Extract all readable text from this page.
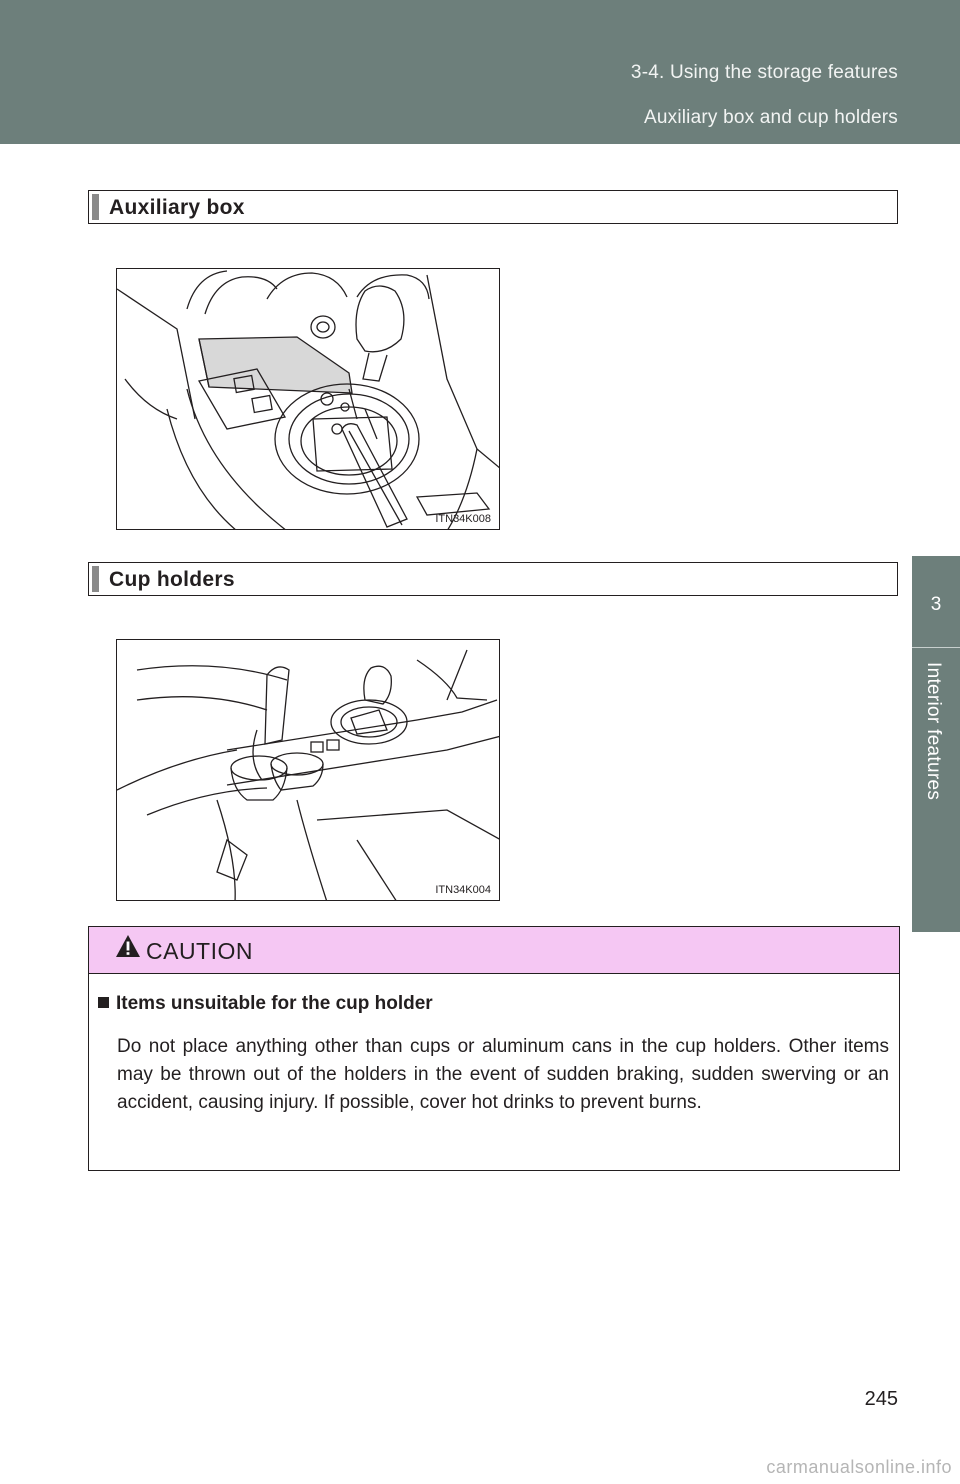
3-4. Using the storage features
Auxiliary box and cup holders
3
Interior features
Auxiliary box
ITN34K008
Cup holders
ITN34K004
CAUTION
Items unsuitable for the cup holder
Do not place anything other than cups or aluminum cans in the cup holders. Other items may be thrown out of the holders in the event of sudden braking, sudden swerving or an accident, causing injury. If possible, cover hot drinks to prevent burns.
245
carmanualsonline.info
